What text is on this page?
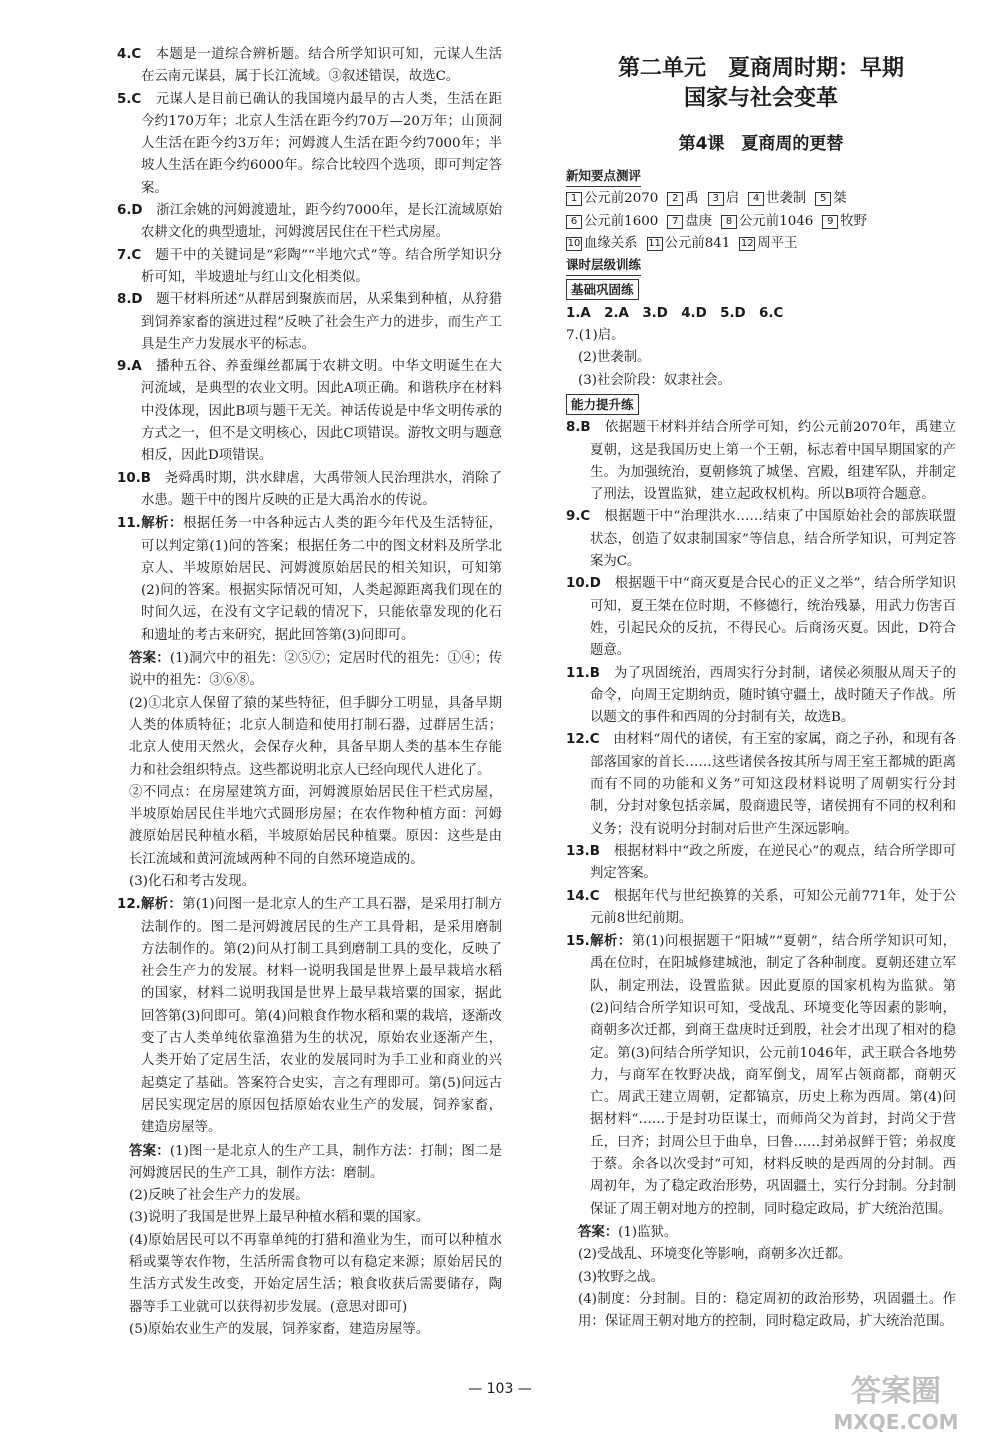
4.C　 本题是一道综合辨析题。结合所学知识可知，元谋人生活在云南元谋县，属于长江流域。③叙述错误，故选C。

5.C　 元谋人是目前已确认的我国境内最早的古人类，生活在距今约170万年；北京人生活在距今约70万—20万年；山顶洞人生活在距今约3万年；河姆渡人生活在距今约7000年；半坡人生活在距今约6000年。综合比较四个选项，即可判定答案。

6.D　 浙江余姚的河姆渡遗址，距今约7000年，是长江流域原始农耕文化的典型遗址，河姆渡居民住在干栏式房屋。

7.C　 题干中的关键词是“彩陶”“半地穴式”等。结合所学知识分析可知，半坡遗址与红山文化相类似。

8.D　 题干材料所述“从群居到聚族而居，从采集到种植，从狩猎到饲养家畜的演进过程”反映了社会生产力的进步，而生产工具是生产力发展水平的标志。

9.A　 播种五谷、养蚕缫丝都属于农耕文明。中华文明诞生在大河流域，是典型的农业文明。因此A项正确。和谐秩序在材料中没体现，因此B项与题干无关。神话传说是中华文明传承的方式之一，但不是文明核心，因此C项错误。游牧文明与题意相反，因此D项错误。

10.B　 尧舜禹时期，洪水肆虐，大禹带领人民治理洪水，消除了水患。题干中的图片反映的正是大禹治水的传说。

11.解析：根据任务一中各种远古人类的距今年代及生活特征，可以判定第(1)问的答案；根据任务二中的图文材料及所学北京人、半坡原始居民、河姆渡原始居民的相关知识，可知第(2)问的答案。根据实际情况可知，人类起源距离我们现在的时间久远，在没有文字记载的情况下，只能依靠发现的化石和遗址的考古来研究，据此回答第(3)问即可。

答案：(1)洞穴中的祖先：②⑤⑦；定居时代的祖先：①④；传说中的祖先：③⑥⑧。

(2)①北京人保留了猿的某些特征，但手脚分工明显，具备早期人类的体质特征；北京人制造和使用打制石器，过群居生活；北京人使用天然火，会保存火种，具备早期人类的基本生存能力和社会组织特点。这些都说明北京人已经向现代人进化了。

②不同点：在房屋建筑方面，河姆渡原始居民住干栏式房屋，半坡原始居民住半地穴式圆形房屋；在农作物种植方面：河姆渡原始居民种植水稻，半坡原始居民种植粟。原因：这些是由长江流域和黄河流域两种不同的自然环境造成的。

(3)化石和考古发现。

12.解析：第(1)问图一是北京人的生产工具石器，是采用打制方法制作的。图二是河姆渡居民的生产工具骨耜，是采用磨制方法制作的。第(2)问从打制工具到磨制工具的变化，反映了社会生产力的发展。材料一说明我国是世界上最早栽培水稻的国家，材料二说明我国是世界上最早栽培粟的国家，据此回答第(3)问即可。第(4)问粮食作物水稻和粟的栽培，逐渐改变了古人类单纯依靠渔猎为生的状况，原始农业逐渐产生，人类开始了定居生活，农业的发展同时为手工业和商业的兴起奠定了基础。答案符合史实，言之有理即可。第(5)问远古居民实现定居的原因包括原始农业生产的发展，饲养家畜，建造房屋等。

答案：(1)图一是北京人的生产工具，制作方法：打制；图二是河姆渡居民的生产工具，制作方法：磨制。

(2)反映了社会生产力的发展。

(3)说明了我国是世界上最早种植水稻和粟的国家。

(4)原始居民可以不再靠单纯的打猎和渔业为生，而可以种植水稻或粟等农作物，生活所需食物可以有稳定来源；原始居民的生活方式发生改变，开始定居生活；粮食收获后需要储存，陶器等手工业就可以获得初步发展。(意思对即可)

(5)原始农业生产的发展，饲养家畜，建造房屋等。

第二单元　夏商周时期：早期
国家与社会变革
第4课　夏商周的更替
新知要点测评
1 公元前2070	2 禹	3 启	4 世袭制	5 桀
6 公元前1600	7 盘庚	8 公元前1046	9 牧野
10 血缘关系 11 公元前841 12 周平王
课时层级训练
基础巩固练

1.A　2.A　3.D　4.D　5.D　6.C

7.(1)启。

(2)世袭制。

(3)社会阶段：奴隶社会。

能力提升练

8.B　 依据题干材料并结合所学可知，约公元前2070年，禹建立夏朝，这是我国历史上第一个王朝，标志着中国早期国家的产生。为加强统治，夏朝修筑了城堡、宫殿，组建军队，并制定了刑法，设置监狱，建立起政权机构。所以B项符合题意。

9.C　 根据题干中“治理洪水……结束了中国原始社会的部族联盟状态，创造了奴隶制国家”等信息，结合所学知识，可判定答案为C。

10.D　 根据题干中“商灭夏是合民心的正义之举”，结合所学知识可知，夏王桀在位时期，不修德行，统治残暴，用武力伤害百姓，引起民众的反抗，不得民心。后商汤灭夏。因此，D符合题意。

11.B　 为了巩固统治，西周实行分封制，诸侯必须服从周天子的命令，向周王定期纳贡，随时镇守疆土，战时随天子作战。所以题文的事件和西周的分封制有关，故选B。

12.C　 由材料“周代的诸侯，有王室的家属，商之子孙，和现有各部落国家的首长……这些诸侯各按其所与周王室王都城的距离而有不同的功能和义务”可知这段材料说明了周朝实行分封制，分封对象包括亲属，殷商遗民等，诸侯拥有不同的权利和义务；没有说明分封制对后世产生深远影响。

13.B　 根据材料中“政之所废，在逆民心”的观点，结合所学即可判定答案。

14.C　 根据年代与世纪换算的关系，可知公元前771年，处于公元前8世纪前期。

15.解析：第(1)问根据题干“阳城”“夏朝”，结合所学知识可知，禹在位时，在阳城修建城池，制定了各种制度。夏朝还建立军队，制定刑法，设置监狱。因此夏原的国家机构为监狱。第(2)问结合所学知识可知，受战乱、环境变化等因素的影响，商朝多次迁都，到商王盘庚时迁到殷，社会才出现了相对的稳定。第(3)问结合所学知识，公元前1046年，武王联合各地势力，与商军在牧野决战，商军倒戈，周军占领商都，商朝灭亡。周武王建立周朝，定都镐京，历史上称为西周。第(4)问据材料“……于是封功臣谋士，而师尚父为首封，封尚父于营丘，曰齐；封周公旦于曲阜，曰鲁……封弟叔鲜于管；弟叔度于蔡。余各以次受封”可知，材料反映的是西周的分封制。西周初年，为了稳定政治形势，巩固疆土，实行分封制。分封制保证了周王朝对地方的控制，同时稳定政局，扩大统治范围。

答案：(1)监狱。

(2)受战乱、环境变化等影响，商朝多次迁都。

(3)牧野之战。

(4)制度：分封制。目的：稳定周初的政治形势，巩固疆土。作用：保证周王朝对地方的控制，同时稳定政局，扩大统治范围。

— 103 —	答案圈
MXQE.COM
